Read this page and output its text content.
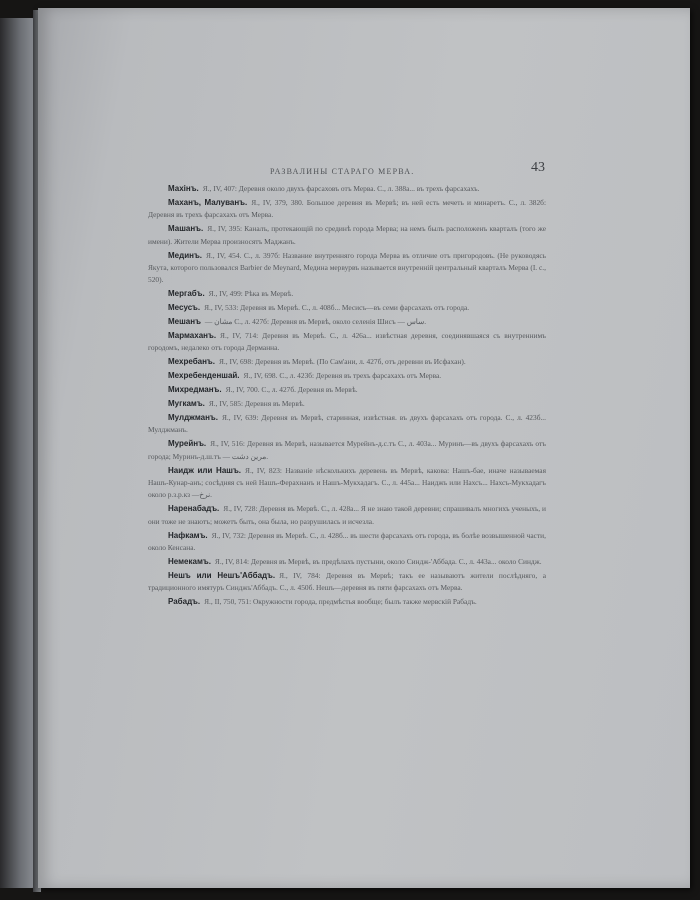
РАЗВАЛИНЫ СТАРАГО МЕРВА.	43

Махiнъ. Я., IV, 407: Деревня около двухъ фарсаховъ отъ Мерва. С., л. 388а... въ трехъ фарсахахъ.

Маханъ, Малуванъ. Я., IV, 379, 380. Большое деревня въ Мервѣ; въ ней есть мечеть и минаретъ. С., л. 382б: Деревня въ трехъ фарсахахъ отъ Мерва.

Машанъ. Я., IV, 395: Каналъ, протекающiй по срединѣ города Мерва; на немъ былъ расположенъ кварталъ (того же имени). Жители Мерва произносятъ Маджанъ.

Мединъ. Я., IV, 454. С., л. 397б: Название внутренняго города Мерва въ отличие отъ пригородовъ. (Не руководясь Якута, которого пользовался Barbier de Meynard, Медина мервурвъ называется внутреннiй центральный кварталъ Мерва (I. c., 520).

Мергабъ. Я., IV, 499: Рѣка въ Мервѣ.

Месусъ. Я., IV, 533: Деревня въ Мервѣ. С., л. 408б... Месисъ—въ семи фарсахахъ отъ города.

Мешанъ — مشان С., л. 427б: Деревня въ Мервѣ, около селенiя Шиcъ — ساس.

Мармаханъ. Я., IV, 714: Деревня въ Мервѣ. С., л. 426а... извѣстная деревня, соединявшаяся съ внутреннимъ городомъ, недалеко отъ города Дерманна.

Мехребанъ. Я., IV, 698: Деревня въ Мервѣ. (По Сам'ани, л. 427б, отъ деревни въ Исфахан).

Мехребенденшай. Я., IV, 698. С., л. 423б: Деревня въ трехъ фарсахахъ отъ Мерва.

Михредманъ. Я., IV, 700. С., л. 427б. Деревня въ Мервѣ.

Мугкамъ. Я., IV, 585: Деревня въ Мервѣ.

Мулджманъ. Я., IV, 639: Деревня въ Мервѣ, старинная, извѣстная. въ двухъ фарсахахъ отъ города. С., л. 423б... Мулджманъ.

Мурейнъ. Я., IV, 516: Деревня въ Мервѣ, называется Мурейнъ-д.с.тъ С., л. 403а... Муринъ—въ двухъ фарсахахъ отъ города; Муринъ-д.ш.тъ — مرين دشت.

Наидж или Нашъ. Я., IV, 823: Названiе нѣсколькихъ деревень въ Мервѣ, какова: Нашъ-бае, иначе называемая Нашъ-Кунар-анъ; сосѣдняя съ ней Нашъ-Ферахнанъ и Нашъ-Мукхадагъ. С., л. 445а... Наиджъ или Нахсъ... Нахсъ-Мукхадагъ около р.з.р.кз —نرخ.

Наренабадъ. Я., IV, 728: Деревня въ Мервѣ. С., л. 428а... Я не знаю такой деревни; спрашивалъ многихъ ученыхъ, и они тоже не знаютъ; можетъ быть, она была, но разрушилась и исчезла.

Нафкамъ. Я., IV, 732: Деревня въ Мервѣ. С., л. 428б... въ шести фарсахахъ отъ города, въ болѣе возвышенной части, около Кенсана.

Немекамъ. Я., IV, 814: Деревня въ Мервѣ, въ предѣлахъ пустыни, около Синдж-'Аббада. С., л. 443а... около Синдж.

Нешъ или Нешъ'Аббадъ. Я., IV, 784: Деревня въ Мервѣ; такъ ее называютъ жители послѣдняго, а традиционного имятуръ Синджъ'Аббадъ. С., л. 450б. Нешъ—деревня въ пяти фарсахахъ отъ Мерва.

Рабадъ. Я., II, 750, 751: Окружности города, предмѣстья вообще; былъ также мервскiй Рабадъ.
